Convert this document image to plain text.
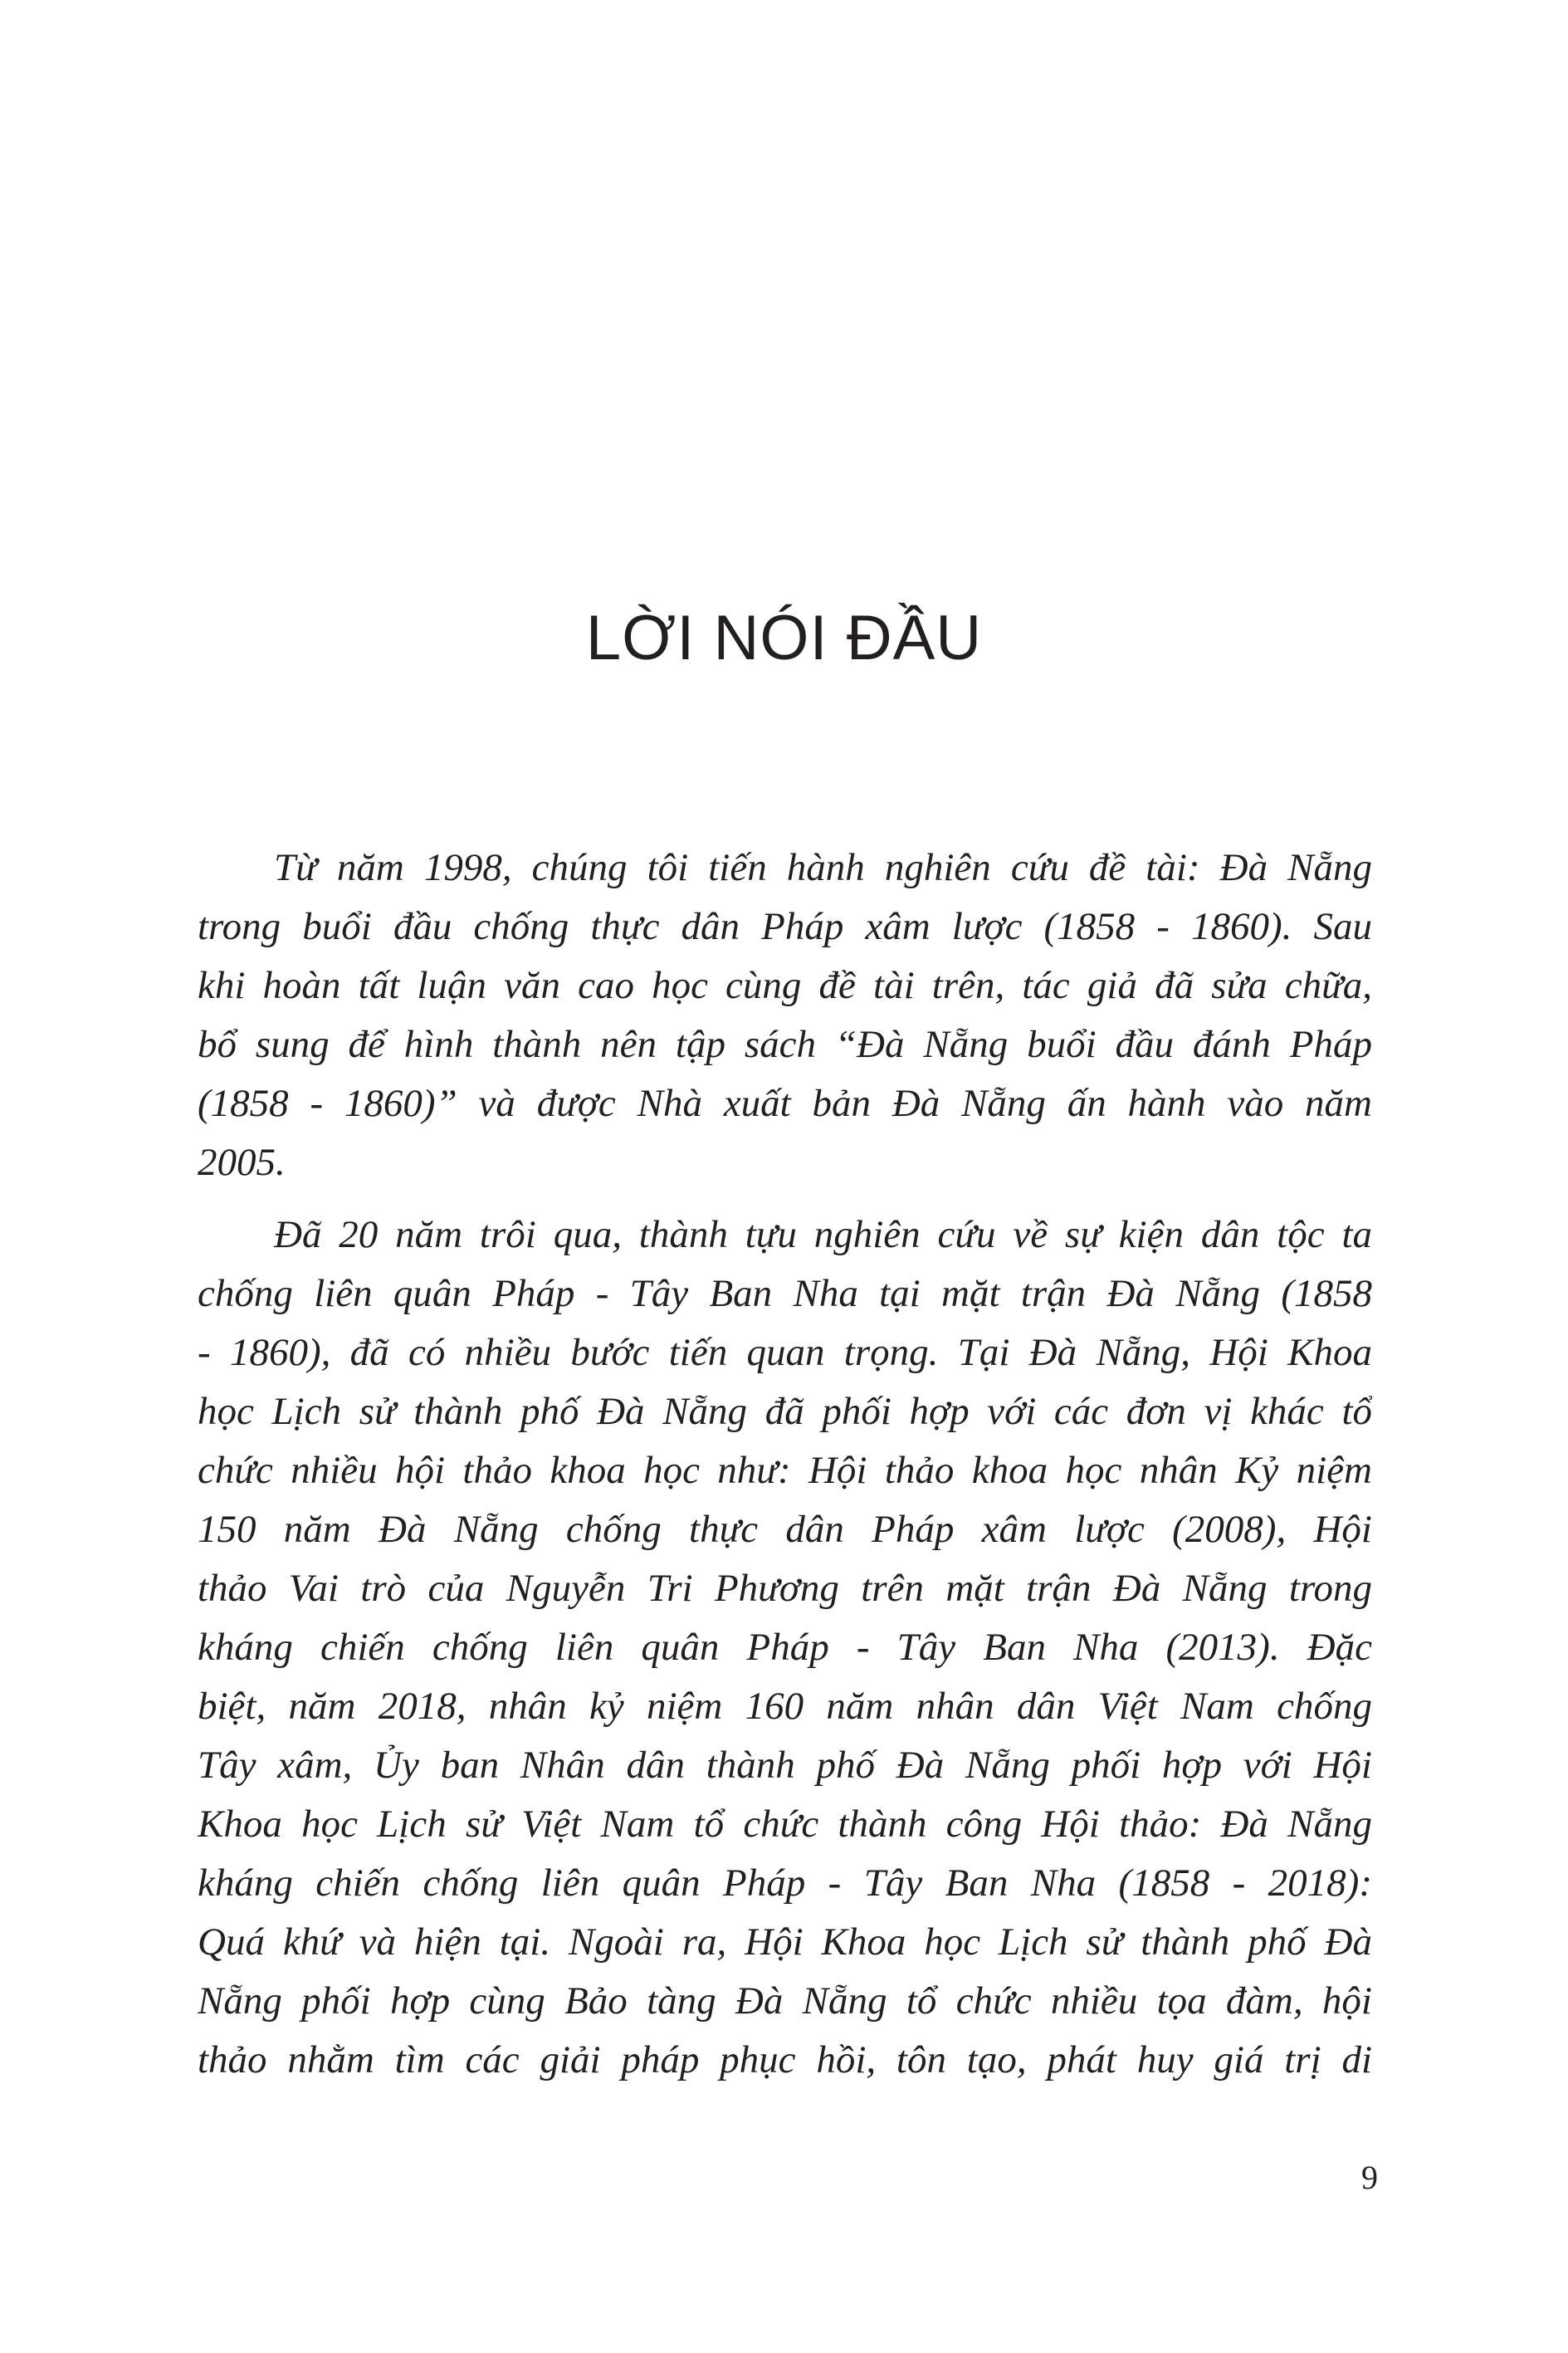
LỜI NÓI ĐẦU

Từ năm 1998, chúng tôi tiến hành nghiên cứu đề tài: Đà Nẵng
trong buổi đầu chống thực dân Pháp xâm lược (1858 - 1860). Sau
khi hoàn tất luận văn cao học cùng đề tài trên, tác giả đã sửa chữa,
bổ sung để hình thành nên tập sách “Đà Nẵng buổi đầu đánh Pháp
(1858 - 1860)” và được Nhà xuất bản Đà Nẵng ấn hành vào năm
2005.

Đã 20 năm trôi qua, thành tựu nghiên cứu về sự kiện dân tộc ta
chống liên quân Pháp - Tây Ban Nha tại mặt trận Đà Nẵng (1858
- 1860), đã có nhiều bước tiến quan trọng. Tại Đà Nẵng, Hội Khoa
học Lịch sử thành phố Đà Nẵng đã phối hợp với các đơn vị khác tổ
chức nhiều hội thảo khoa học như: Hội thảo khoa học nhân Kỷ niệm
150 năm Đà Nẵng chống thực dân Pháp xâm lược (2008), Hội
thảo Vai trò của Nguyễn Tri Phương trên mặt trận Đà Nẵng trong
kháng chiến chống liên quân Pháp - Tây Ban Nha (2013). Đặc
biệt, năm 2018, nhân kỷ niệm 160 năm nhân dân Việt Nam chống
Tây xâm, Ủy ban Nhân dân thành phố Đà Nẵng phối hợp với Hội
Khoa học Lịch sử Việt Nam tổ chức thành công Hội thảo: Đà Nẵng
kháng chiến chống liên quân Pháp - Tây Ban Nha (1858 - 2018):
Quá khứ và hiện tại. Ngoài ra, Hội Khoa học Lịch sử thành phố Đà
Nẵng phối hợp cùng Bảo tàng Đà Nẵng tổ chức nhiều tọa đàm, hội
thảo nhằm tìm các giải pháp phục hồi, tôn tạo, phát huy giá trị di

9
